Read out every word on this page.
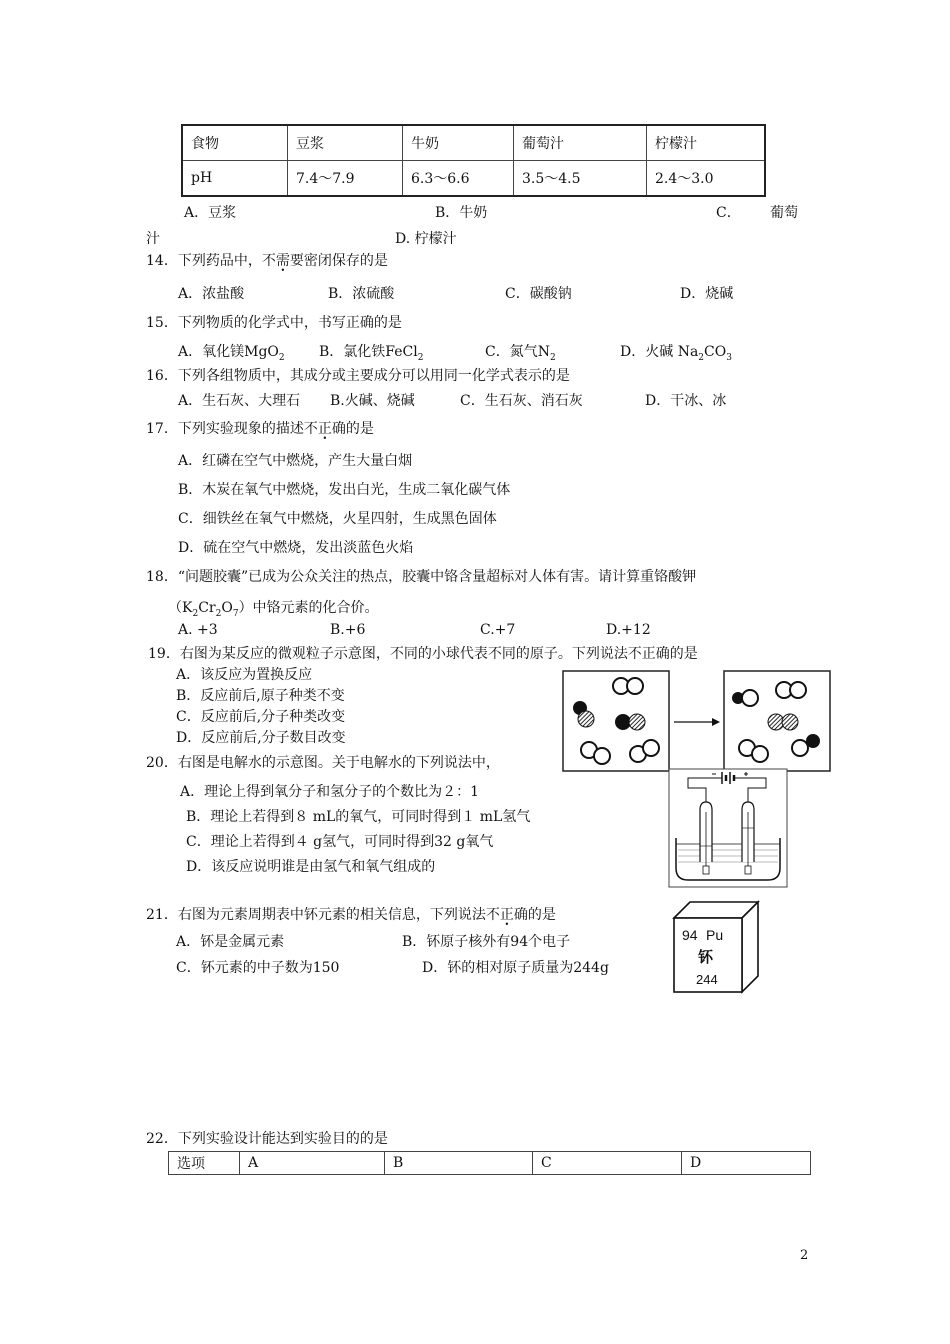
食物	豆浆	牛奶	葡萄汁	柠檬汁
pH	7.4～7.9	6.3～6.6	3.5～4.5	2.4～3.0
A．豆浆	B．牛奶	C． 葡萄
汁	D. 柠檬汁
14．下列药品中，不需要密闭保存的是
A．浓盐酸	B．浓硫酸	C．碳酸钠	D．烧碱
15．下列物质的化学式中，书写正确的是
A．氧化镁MgO$_2$ B．氯化铁FeCl$_2$	C．氮气$N_2$	D．火碱 $Na_2CO_3$
16．下列各组物质中，其成分或主要成分可以用同一化学式表示的是
A．生石灰、大理石 B.火碱、烧碱	C．生石灰、消石灰	D．干冰、冰
17．下列实验现象的描述不正确的是
A．红磷在空气中燃烧，产生大量白烟
B．木炭在氧气中燃烧，发出白光，生成二氧化碳气体
C．细铁丝在氧气中燃烧，火星四射，生成黑色固体
D．硫在空气中燃烧，发出淡蓝色火焰
18．“问题胶囊”已成为公众关注的热点，胶囊中铬含量超标对人体有害。请计算重铬酸钾
$(K_2Cr_2O_7)$中铬元素的化合价。
A. +3	B.+6	C.+7	D.+12
19．右图为某反应的微观粒子示意图，不同的小球代表不同的原子。下列说法不正确的是
A．该反应为置换反应
B．反应前后,原子种类不变
C．反应前后,分子种类改变
D．反应前后,分子数目改变
20．右图是电解水的示意图。关于电解水的下列说法中，
A．理论上得到氧分子和氢分子的个数比为２：1
B．理论上若得到８ mL的氧气，可同时得到１ mL氢气
C．理论上若得到４ g氢气，可同时得到32 g氧气
D．该反应说明谁是由氢气和氧气组成的
21．右图为元素周期表中钚元素的相关信息，下列说法不正确的是
A．钚是金属元素	B．钚原子核外有94个电子
C．钚元素的中子数为150	D．钚的相对原子质量为244g
94 Pu
钚
244
22．下列实验设计能达到实验目的的是
选项	A	B	C	D
2
